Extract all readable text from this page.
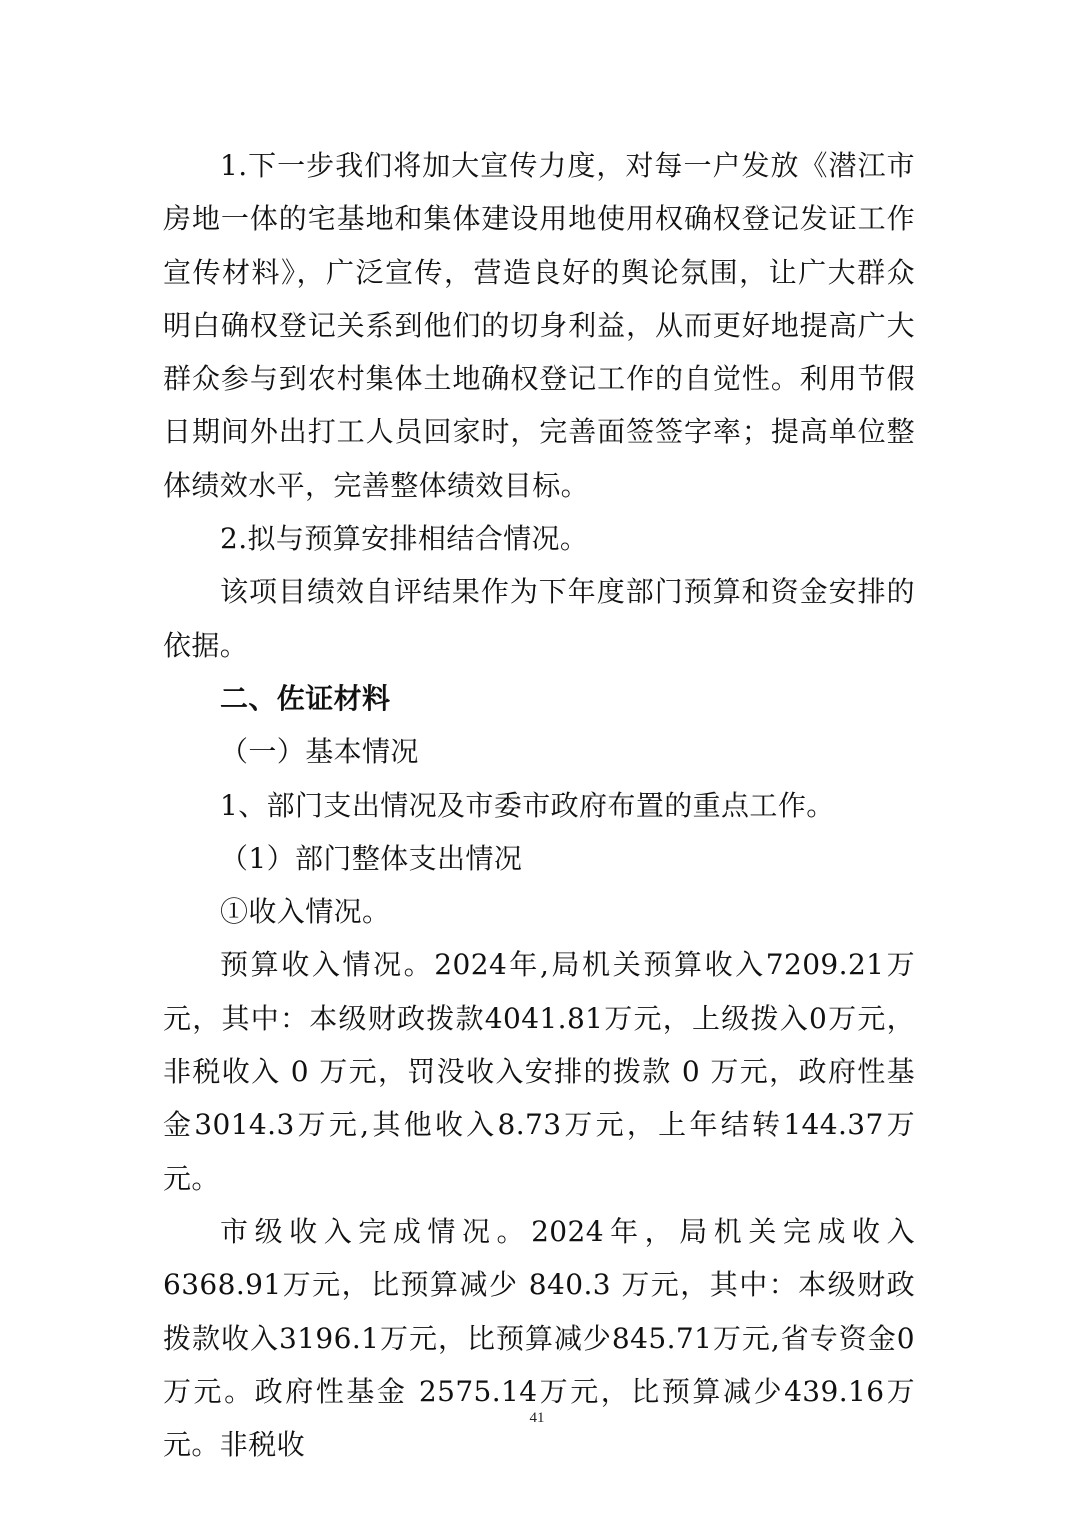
1.下一步我们将加大宣传力度，对每一户发放《潜江市房地一体的宅基地和集体建设用地使用权确权登记发证工作宣传材料》，广泛宣传，营造良好的舆论氛围，让广大群众明白确权登记关系到他们的切身利益，从而更好地提高广大群众参与到农村集体土地确权登记工作的自觉性。利用节假日期间外出打工人员回家时，完善面签签字率；提高单位整体绩效水平，完善整体绩效目标。

2.拟与预算安排相结合情况。

该项目绩效自评结果作为下年度部门预算和资金安排的依据。

二、佐证材料

（一）基本情况

1、部门支出情况及市委市政府布置的重点工作。

（1）部门整体支出情况

①收入情况。

预算收入情况。2024年,局机关预算收入7209.21万元，其中：本级财政拨款4041.81万元，上级拨入0万元，非税收入 0 万元，罚没收入安排的拨款 0 万元，政府性基金3014.3万元,其他收入8.73万元，上年结转144.37万元。

市级收入完成情况。2024年，局机关完成收入6368.91万元，比预算减少 840.3 万元，其中：本级财政拨款收入3196.1万元，比预算减少845.71万元,省专资金0万元。政府性基金 2575.14万元，比预算减少439.16万元。非税收

41
